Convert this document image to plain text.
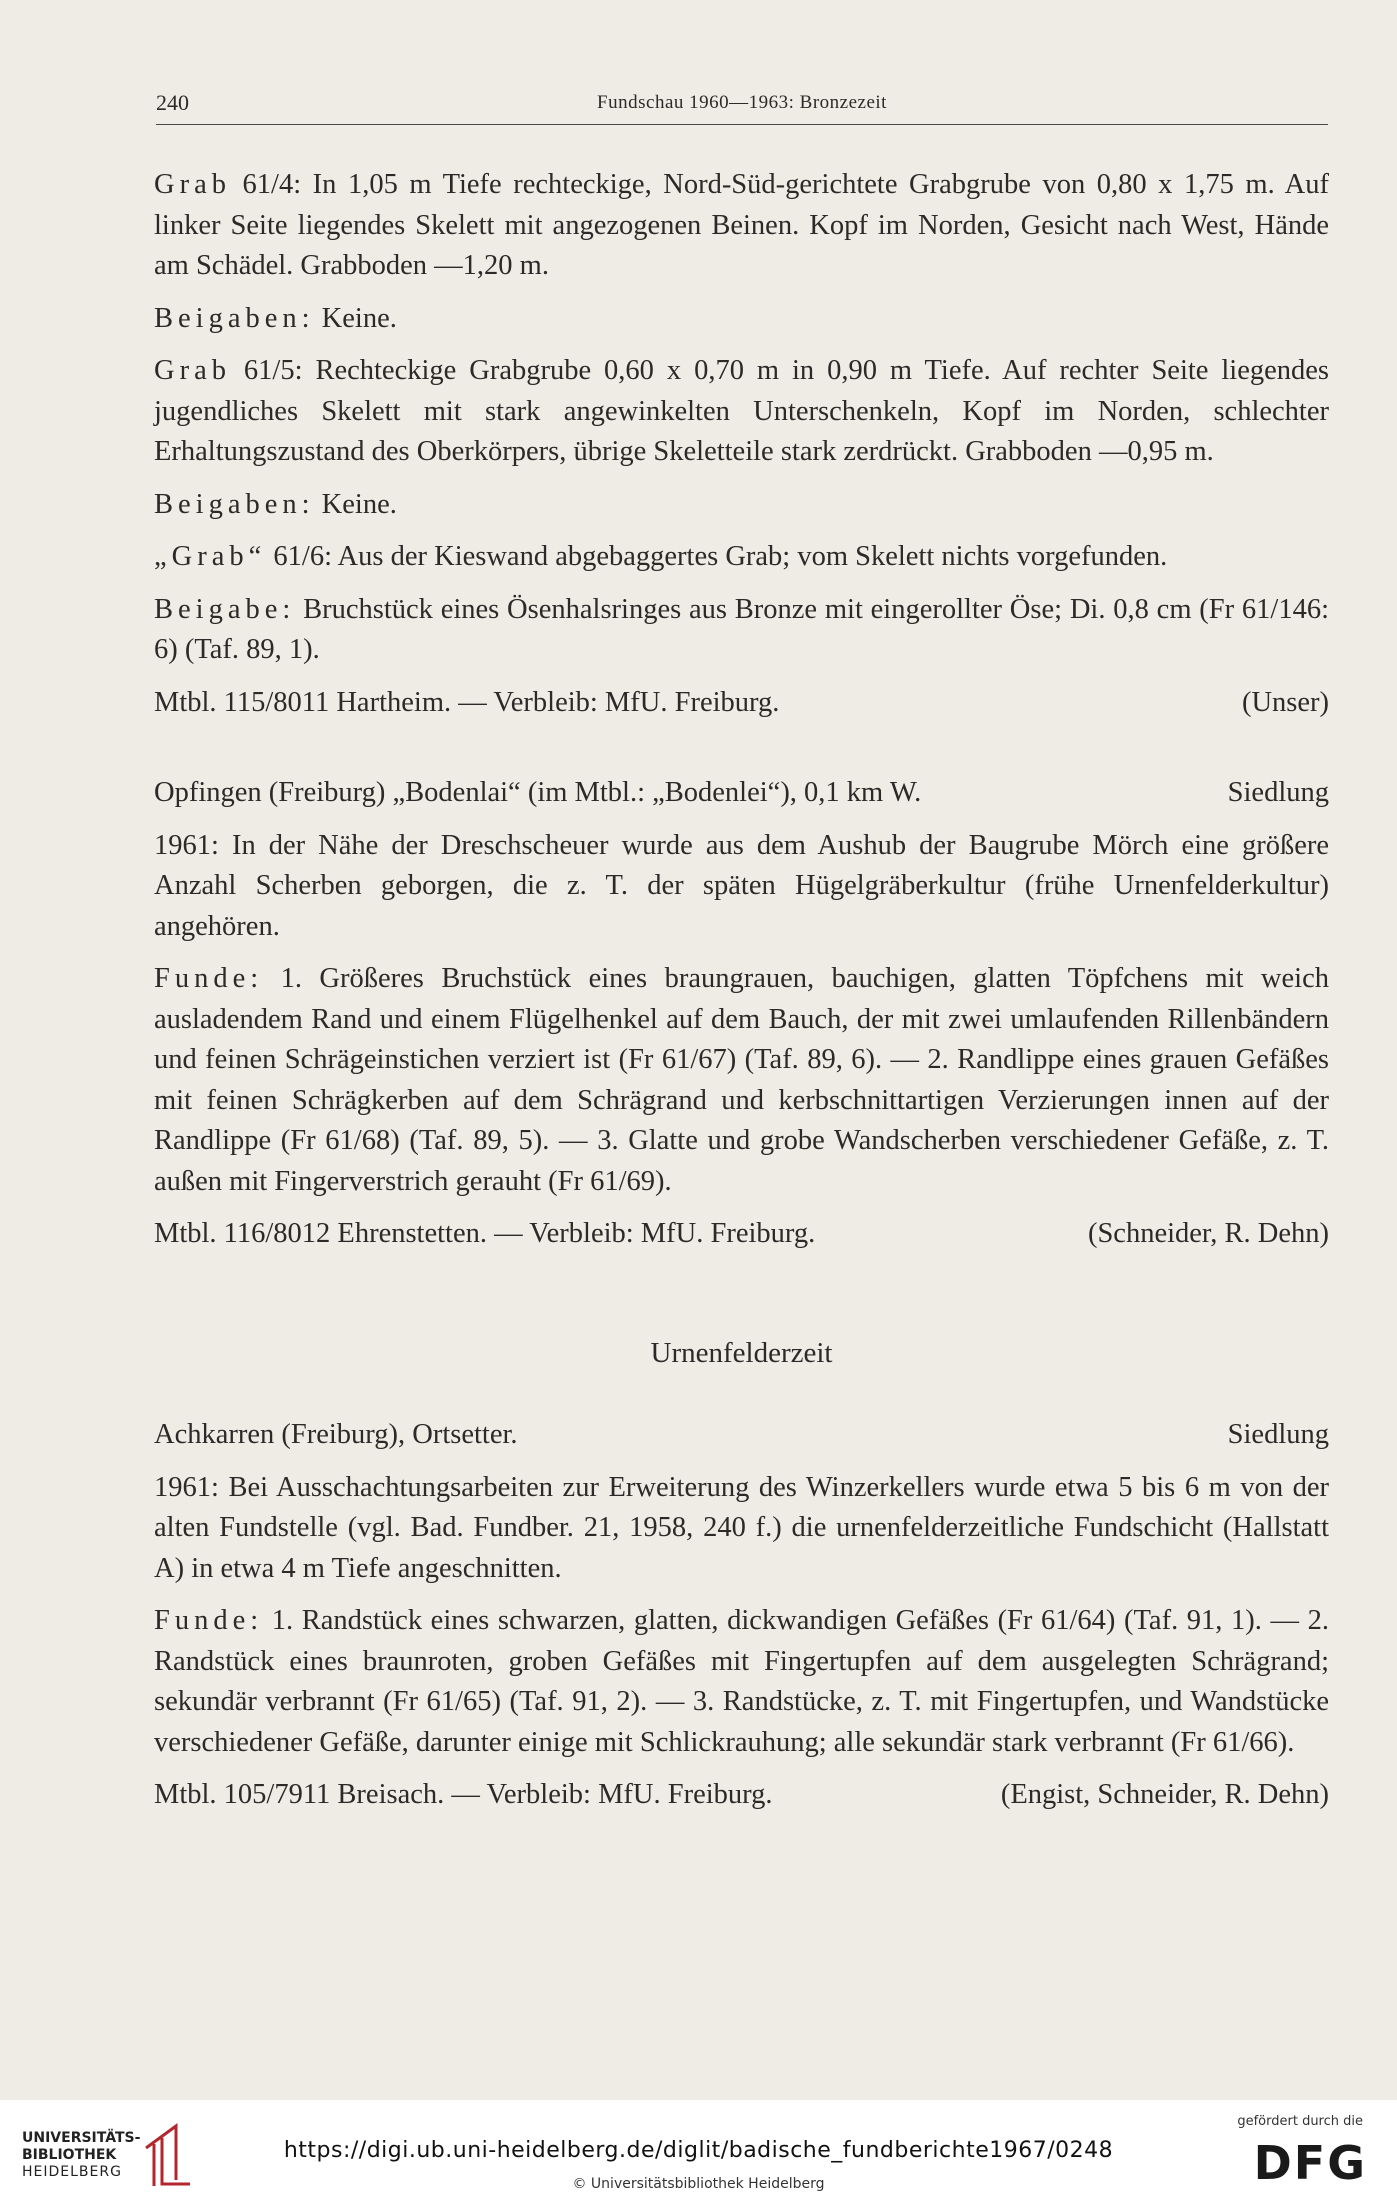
240	Fundschau 1960—1963: Bronzezeit

Grab 61/4: In 1,05 m Tiefe rechteckige, Nord-Süd-gerichtete Grabgrube von 0,80 x 1,75 m. Auf linker Seite liegendes Skelett mit angezogenen Beinen. Kopf im Norden, Gesicht nach West, Hände am Schädel. Grabboden —1,20 m.

Beigaben: Keine.

Grab 61/5: Rechteckige Grabgrube 0,60 x 0,70 m in 0,90 m Tiefe. Auf rechter Seite liegendes jugendliches Skelett mit stark angewinkelten Unterschenkeln, Kopf im Norden, schlechter Erhaltungszustand des Oberkörpers, übrige Skeletteile stark zerdrückt. Grabboden —0,95 m.

Beigaben: Keine.

„Grab“ 61/6: Aus der Kieswand abgebaggertes Grab; vom Skelett nichts vorgefunden.

Beigabe: Bruchstück eines Ösenhalsringes aus Bronze mit eingerollter Öse; Di. 0,8 cm (Fr 61/146: 6) (Taf. 89, 1).

Mtbl. 115/8011 Hartheim. — Verbleib: MfU. Freiburg.	(Unser)
Opfingen (Freiburg) „Bodenlai“ (im Mtbl.: „Bodenlei“), 0,1 km W.	Siedlung

1961: In der Nähe der Dreschscheuer wurde aus dem Aushub der Baugrube Mörch eine größere Anzahl Scherben geborgen, die z. T. der späten Hügelgräberkultur (frühe Urnenfelderkultur) angehören.

Funde: 1. Größeres Bruchstück eines braungrauen, bauchigen, glatten Töpfchens mit weich ausladendem Rand und einem Flügelhenkel auf dem Bauch, der mit zwei umlaufenden Rillenbändern und feinen Schrägeinstichen verziert ist (Fr 61/67) (Taf. 89, 6). — 2. Randlippe eines grauen Gefäßes mit feinen Schrägkerben auf dem Schrägrand und kerbschnittartigen Verzierungen innen auf der Randlippe (Fr 61/68) (Taf. 89, 5). — 3. Glatte und grobe Wandscherben verschiedener Gefäße, z. T. außen mit Fingerverstrich gerauht (Fr 61/69).

Mtbl. 116/8012 Ehrenstetten. — Verbleib: MfU. Freiburg.	(Schneider, R. Dehn)
Urnenfelderzeit
Achkarren (Freiburg), Ortsetter.	Siedlung

1961: Bei Ausschachtungsarbeiten zur Erweiterung des Winzerkellers wurde etwa 5 bis 6 m von der alten Fundstelle (vgl. Bad. Fundber. 21, 1958, 240 f.) die urnenfelderzeitliche Fundschicht (Hallstatt A) in etwa 4 m Tiefe angeschnitten.

Funde: 1. Randstück eines schwarzen, glatten, dickwandigen Gefäßes (Fr 61/64) (Taf. 91, 1). — 2. Randstück eines braunroten, groben Gefäßes mit Fingertupfen auf dem ausgelegten Schrägrand; sekundär verbrannt (Fr 61/65) (Taf. 91, 2). — 3. Randstücke, z. T. mit Fingertupfen, und Wandstücke verschiedener Gefäße, darunter einige mit Schlickrauhung; alle sekundär stark verbrannt (Fr 61/66).

Mtbl. 105/7911 Breisach. — Verbleib: MfU. Freiburg.	(Engist, Schneider, R. Dehn)
UNIVERSITÄTS-
BIBLIOTHEK
HEIDELBERG
https://digi.ub.uni-heidelberg.de/diglit/badische_fundberichte1967/0248
© Universitätsbibliothek Heidelberg
gefördert durch die
DFG
